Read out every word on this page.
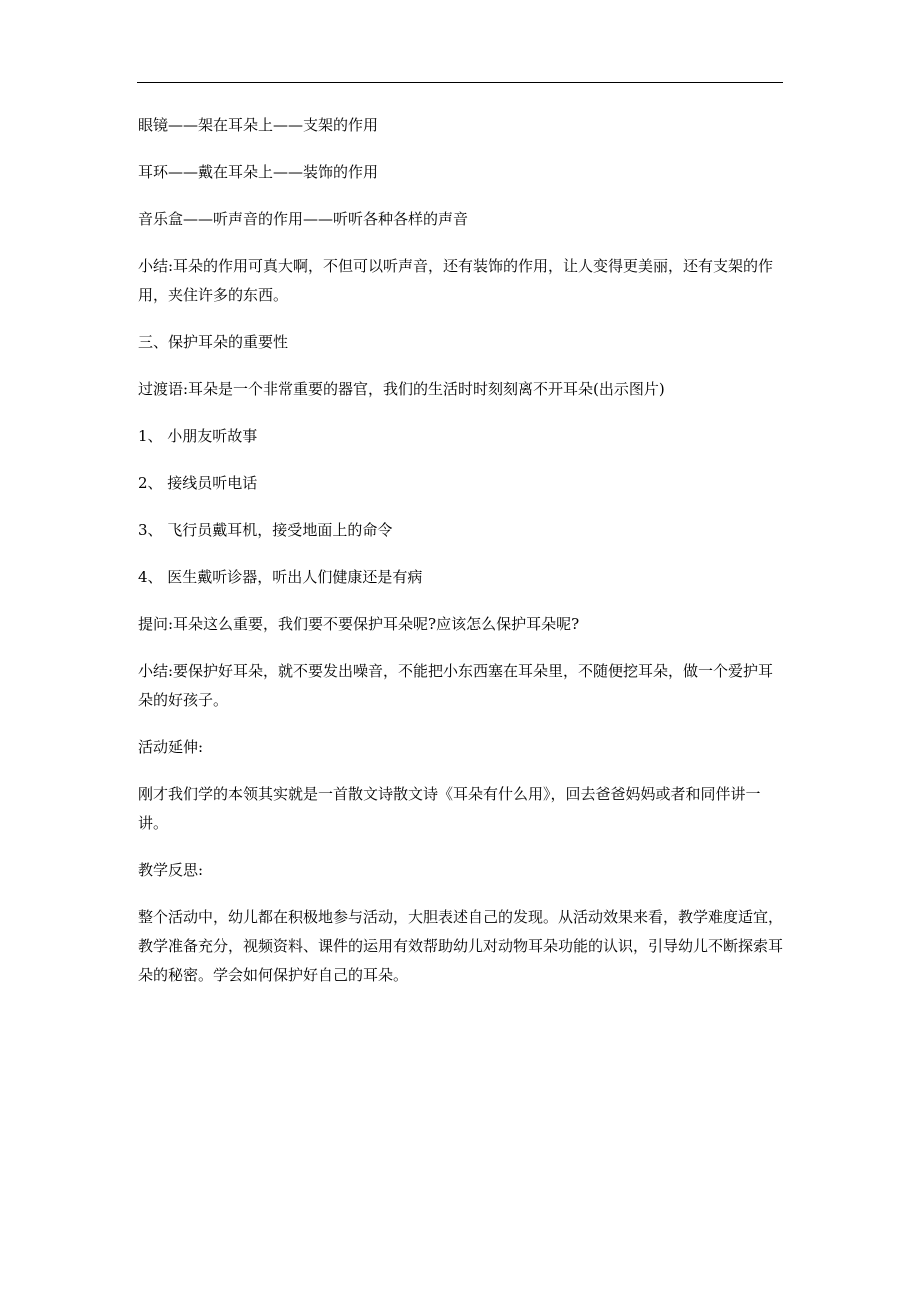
眼镜——架在耳朵上——支架的作用

耳环——戴在耳朵上——装饰的作用

音乐盒——听声音的作用——听听各种各样的声音

小结:耳朵的作用可真大啊，不但可以听声音，还有装饰的作用，让人变得更美丽，还有支架的作用，夹住许多的东西。

三、保护耳朵的重要性

过渡语:耳朵是一个非常重要的器官，我们的生活时时刻刻离不开耳朵(出示图片)

1、 小朋友听故事

2、 接线员听电话

3、 飞行员戴耳机，接受地面上的命令

4、 医生戴听诊器，听出人们健康还是有病

提问:耳朵这么重要，我们要不要保护耳朵呢?应该怎么保护耳朵呢?

小结:要保护好耳朵，就不要发出噪音，不能把小东西塞在耳朵里，不随便挖耳朵，做一个爱护耳朵的好孩子。

活动延伸:

刚才我们学的本领其实就是一首散文诗散文诗《耳朵有什么用》，回去爸爸妈妈或者和同伴讲一讲。

教学反思:

整个活动中，幼儿都在积极地参与活动，大胆表述自己的发现。从活动效果来看，教学难度适宜，教学准备充分，视频资料、课件的运用有效帮助幼儿对动物耳朵功能的认识，引导幼儿不断探索耳朵的秘密。学会如何保护好自己的耳朵。
